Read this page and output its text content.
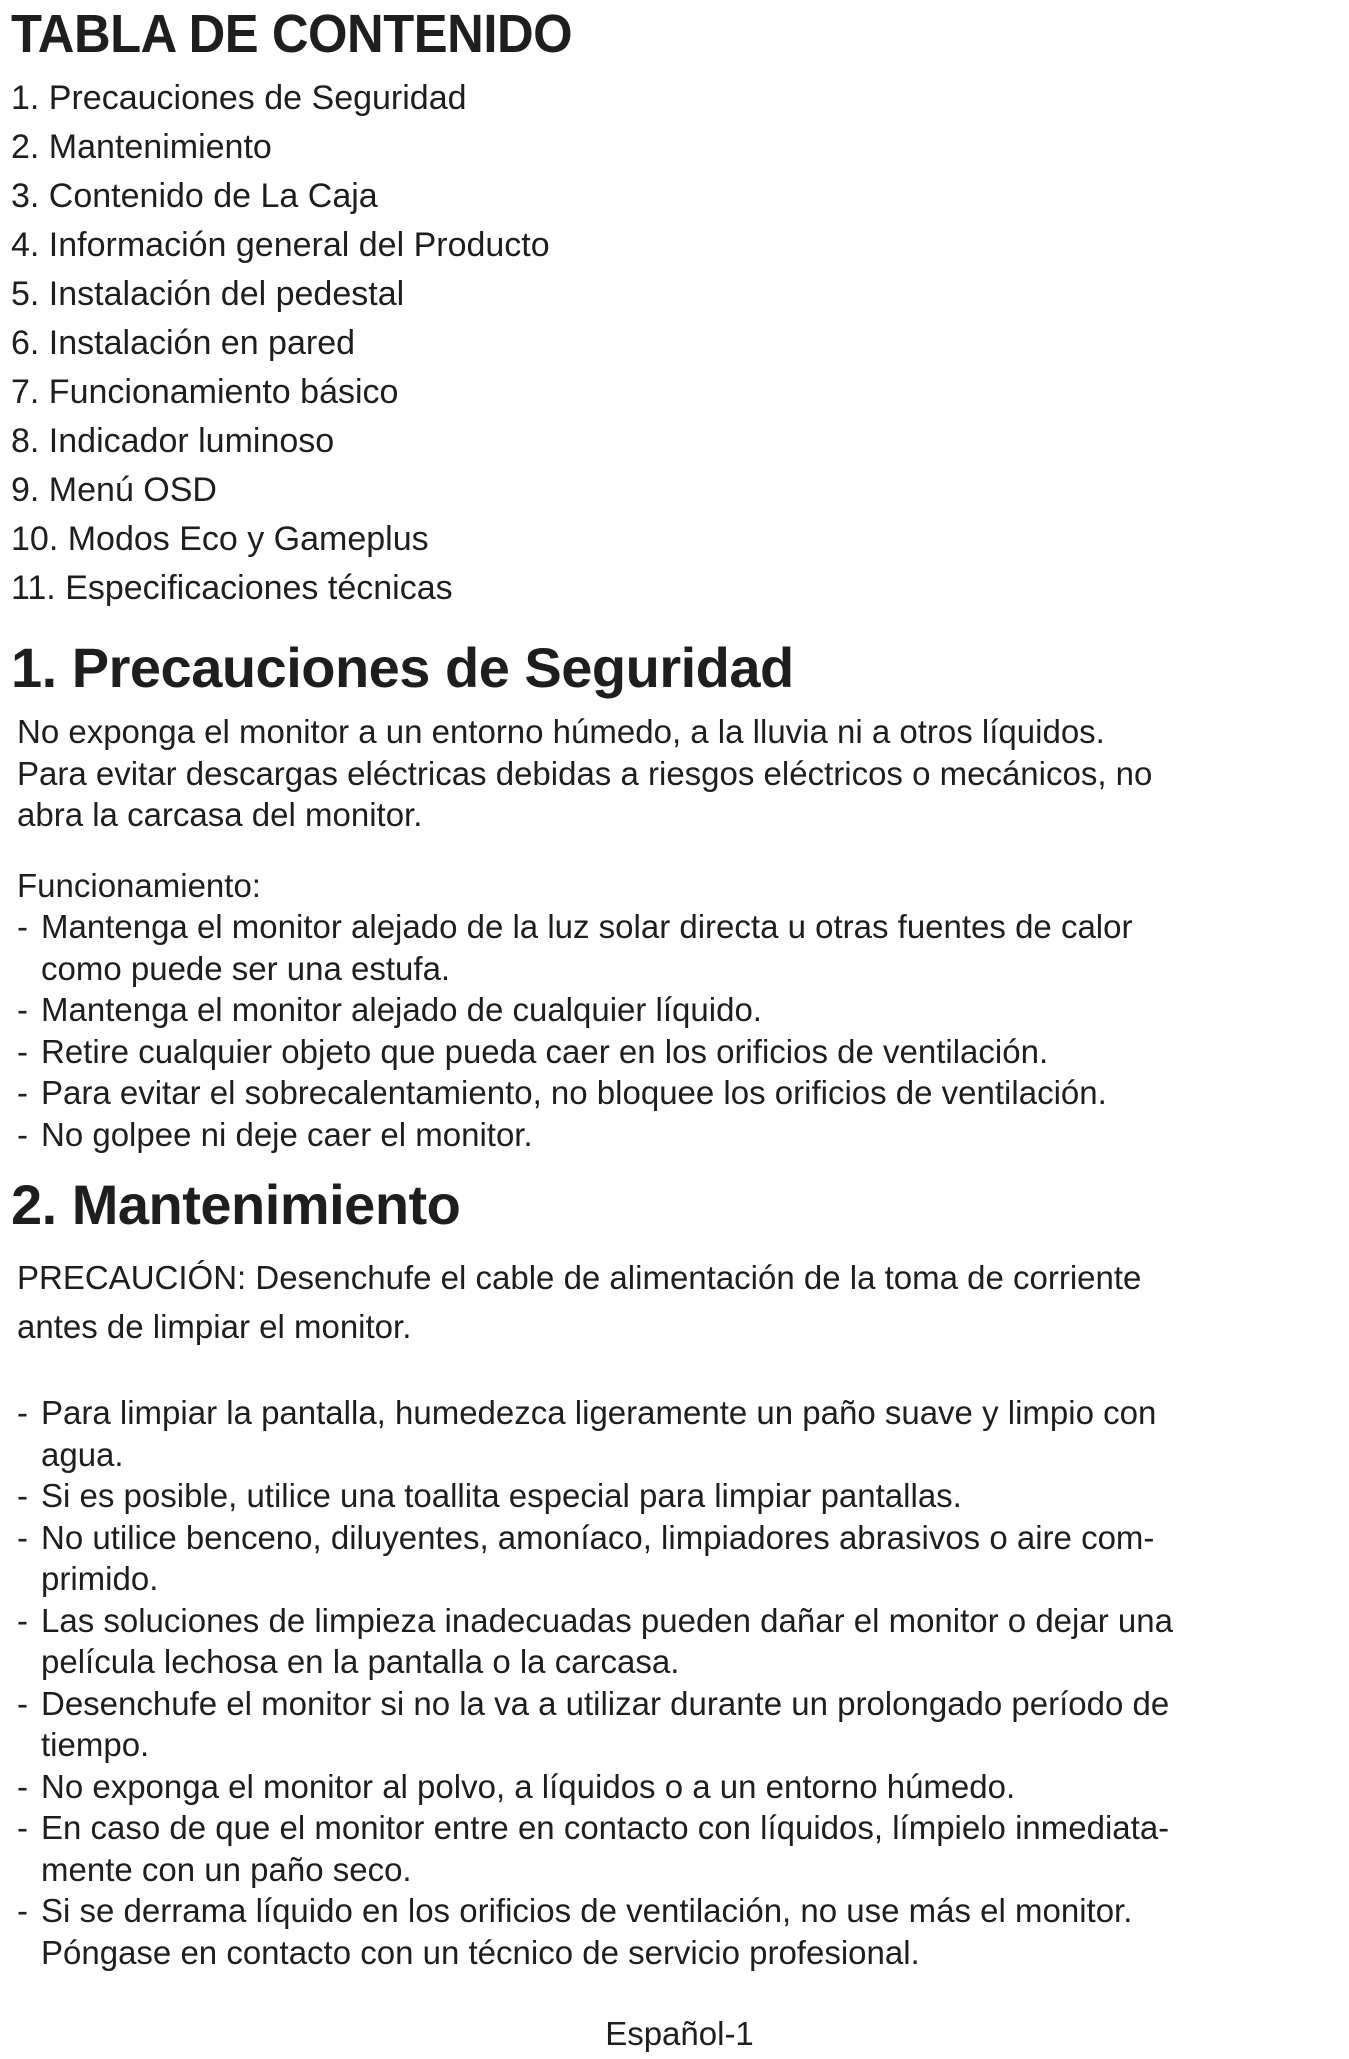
TABLA DE CONTENIDO
1. Precauciones de Seguridad
2. Mantenimiento
3. Contenido de La Caja
4. Información general del Producto
5. Instalación del pedestal
6. Instalación en pared
7. Funcionamiento básico
8. Indicador luminoso
9. Menú OSD
10. Modos Eco y Gameplus
11. Especificaciones técnicas
1. Precauciones de Seguridad

No exponga el monitor a un entorno húmedo, a la lluvia ni a otros líquidos.
Para evitar descargas eléctricas debidas a riesgos eléctricos o mecánicos, no
abra la carcasa del monitor.

Funcionamiento:

- Mantenga el monitor alejado de la luz solar directa u otras fuentes de calor
como puede ser una estufa.
- Mantenga el monitor alejado de cualquier líquido.
- Retire cualquier objeto que pueda caer en los orificios de ventilación.
- Para evitar el sobrecalentamiento, no bloquee los orificios de ventilación.
- No golpee ni deje caer el monitor.
2. Mantenimiento

PRECAUCIÓN: Desenchufe el cable de alimentación de la toma de corriente
antes de limpiar el monitor.

- Para limpiar la pantalla, humedezca ligeramente un paño suave y limpio con
agua.
- Si es posible, utilice una toallita especial para limpiar pantallas.
- No utilice benceno, diluyentes, amoníaco, limpiadores abrasivos o aire com-
primido.
- Las soluciones de limpieza inadecuadas pueden dañar el monitor o dejar una
película lechosa en la pantalla o la carcasa.
- Desenchufe el monitor si no la va a utilizar durante un prolongado período de
tiempo.
- No exponga el monitor al polvo, a líquidos o a un entorno húmedo.
- En caso de que el monitor entre en contacto con líquidos, límpielo inmediata-
mente con un paño seco.
- Si se derrama líquido en los orificios de ventilación, no use más el monitor.
Póngase en contacto con un técnico de servicio profesional.
Español-1
